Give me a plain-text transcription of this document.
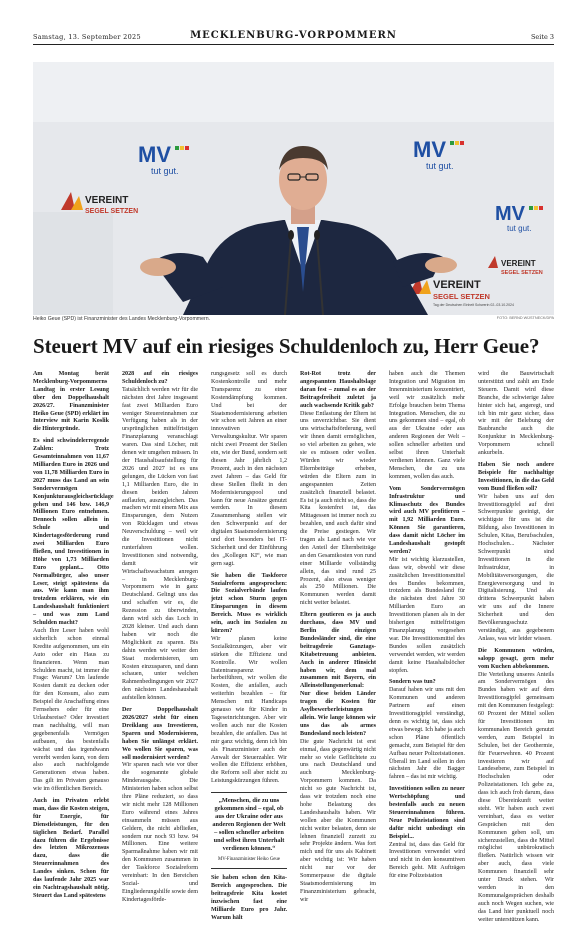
Samstag, 13. September 2025	MECKLENBURG-VORPOMMERN	Seite 3
MV
tut gut.
MV
tut gut.
MV
tut gut.
VEREINT
SEGEL SETZEN
VEREINT
SEGEL SETZEN
Tag der Deutschen Einheit Schwerin 02.-03.10.2024
VEREINT
SEGEL SETZEN
Heiko Geue (SPD) ist Finanzminister des Landes Mecklenburg-Vorpommern.	FOTO: BERND WÜSTNECK/DPA
Steuert MV auf ein riesiges Schuldenloch zu, Herr Geue?

Am Montag berät Mecklenburg-Vorpommerns Landtag in erster Lesung über den Doppelhaushalt 2026/27. Finanzminister Heiko Geue (SPD) erklärt im Interview mit Karin Koslik die Hintergründe.

Es sind schwindelerregende Zahlen: Trotz Gesamteinnahmen von 11,67 Milliarden Euro in 2026 und von 11,78 Milliarden Euro in 2027 muss das Land an sein Sondervermögen Konjunkturausgleichsrücklage gehen und 146 bzw. 146,9 Millionen Euro entnehmen. Dennoch sollen allein in Schule und Kindertagesförderung rund zwei Milliarden Euro fließen, und Investitionen in Höhe von 1,73 Milliarden Euro geplant... Otto Normalbürger, also unser Leser, steigt spätestens da aus. Wie kann man ihm trotzdem erklären, wie ein Landeshaushalt funktioniert – und was zum Land Schulden macht?

Auch Ihre Leser haben wohl sicherlich schon einmal Kredite aufgenommen, um ein Auto oder ein Haus zu finanzieren. Wenn man Schulden macht, ist immer die Frage: Warum? Um laufende Kosten damit zu decken oder für den Konsum, also zum Beispiel die Anschaffung eines Fernsehers oder für eine Urlaubsreise? Oder investiert man nachhaltig, will man gegebenenfalls Vermögen aufbauen, das bestenfalls wächst und das irgendwann vererbt werden kann, von dem also auch nachfolgende Generationen etwas haben. Das gilt im Privaten genauso wie im öffentlichen Bereich.

Auch im Privaten erlebt man, dass die Kosten steigen, für Energie, für Dienstleistungen, für den täglichen Bedarf. Parallel dazu führen die Ergebnisse des letzten Mikrozensus dazu, dass die Steuereinnahmen des Landes sinken. Schon für das laufende Jahr 2025 war ein Nachtragshaushalt nötig. Steuert das Land spätestens

2028 auf ein riesiges Schuldenloch zu?

Tatsächlich werden wir für die nächsten drei Jahre insgesamt fast zwei Milliarden Euro weniger Steuereinnahmen zur Verfügung haben als in der ursprünglichen mittelfristigen Finanzplanung veranschlagt waren. Das sind Löcher, mit denen wir umgehen müssen. In der Haushaltsaufstellung für 2026 und 2027 ist es uns gelungen, die Lücken von fast 1,1 Milliarden Euro, die in diesen beiden Jahren auflaufen, auszugleichen. Das machen wir mit einem Mix aus Einsparungen, dem Nutzen von Rücklagen und etwas Neuverschuldung – weil wir die Investitionen nicht runterfahren wollen. Investitionen sind notwendig, damit wir Wirtschaftswachstum anregen – in Mecklenburg-Vorpommern wie in ganz Deutschland. Gelingt uns das und schaffen wir es, die Rezession zu überwinden, dann wird sich das Loch in 2028 kleiner. Und auch dann haben wir noch die Möglichkeit zu sparen. Bis dahin werden wir weiter den Staat modernisieren, um Kosten einzusparen, und dann schauen, unter welchen Rahmenbedingungen wir 2027 den nächsten Landeshaushalt aufstellen können.

Der Doppelhaushalt 2026/2027 steht für einen Dreiklang aus Investieren, Sparen und Modernisieren, haben Sie unlängst erklärt. Wo wollen Sie sparen, was soll modernisiert werden?

Wir sparen nach wie vor über die sogenannte globale Minderausgabe. Die Ministerien haben schon selbst ihre Pläne reduziert, so dass wir nicht mehr 128 Millionen Euro während eines Jahres einsammeln müssen aus Geldern, die nicht abfließen, sondern nur noch 93 bzw. 94 Millionen. Eine weitere Sparmaßnahme haben wir mit den Kommunen zusammen in der Taskforce Sozialreform vereinbart: In den Bereichen Sozial- und Eingliederungshilfe sowie dem Kindertagesförde-

rungsgesetz soll es durch Kostenkontrolle und mehr Transparenz zu einer Kostendämpfung kommen. Und bei der Staatsmodernisierung arbeiten wir schon seit Jahren an einer innovativen Verwaltungskultur. Wir sparen nicht zwei Prozent der Stellen ein, wie der Bund, sondern seit diesen Jahr jährlich 1,2 Prozent, auch in den nächsten zwei Jahren – das Geld für diese Stellen fließt in den Modernisierungspool und kann für neue Ansätze genutzt werden. In diesem Zusammenhang stellen wir den Schwerpunkt auf der digitalen Staatsmodernisierung und dort besonders bei IT-Sicherheit und der Einführung des „Kollegen KI“, wie man gern sagt.

Sie haben die Taskforce Sozialreform angesprochen: Die Sozialverbände laufen jetzt schon Sturm gegen Einsparungen in diesem Bereich. Muss es wirklich sein, auch im Sozialen zu kürzen?

Wir planen keine Sozialkürzungen, aber wir stärken die Effizienz und Kontrolle. Wir wollen Datentransparenz herbeiführen, wir wollen die Kosten, die anfallen, auch weiterhin bezahlen – für Menschen mit Handicaps genauso wie für Kinder in Tageseinrichtungen. Aber wir wollen auch nur die Kosten bezahlen, die anfallen. Das ist mir ganz wichtig, denn ich bin als Finanzminister auch der Anwalt der Steuerzahler. Wir wollen die Effizienz erhöhen, die Reform soll aber nicht zu Leistungskürzungen führen.

„Menschen, die zu uns gekommen sind – egal, ob aus der Ukraine oder aus anderen Regionen der Welt – sollen schneller arbeiten und selbst ihren Unterhalt verdienen können.“
MV-Finanzminister Heiko Geue

Sie haben schon den Kita-Bereich angesprochen. Die beitragsfreie Kita kostet inzwischen fast eine Milliarde Euro pro Jahr. Warum hält

Rot-Rot trotz der angespannten Haushaltslage daran fest – zumal es an der Beitragsfreiheit zuletzt ja auch wachsende Kritik gab?

Diese Entlastung der Eltern ist uns unverzichtbar. Sie dient uns wirtschaftsförderung, weil wir ihnen damit ermöglichen, so viel arbeiten zu gehen, wie sie es müssen oder wollen. Würden wir wieder Elternbeiträge erheben, würden die Eltern zum in angespannten Zeiten zusätzlich finanziell belastet. Es ist ja auch nicht so, dass die Kita kostenfrei ist, das Mittagessen ist immer noch zu bezahlen, und auch dafür sind die Preise gestiegen. Wir tragen als Land nach wie vor den Anteil der Elternbeiträge an den Gesamtkosten von rund einer Milliarde vollständig allein, das sind rund 25 Prozent, also etwas weniger als 250 Millionen. Die Kommunen werden damit nicht weiter belastet.

Eltern goutieren es ja auch durchaus, dass MV und Berlin die einzigen Bundesländer sind, die eine beitragsfreie Ganztags-Kitabetreuung anbieten. Auch in anderer Hinsicht haben wir, dem mal zusammen mit Bayern, ein Alleinstellungsmerkmal: Nur diese beiden Länder tragen die Kosten für Asylbewerberleistungen allein. Wie lange können wir uns das als armes Bundesland noch leisten?

Die gute Nachricht ist erst einmal, dass gegenwärtig nicht mehr so viele Geflüchtete zu uns nach Deutschland und auch Mecklenburg-Vorpommern kommen. Da nicht so gute Nachricht ist, dass wir trotzdem noch eine hohe Belastung des Landeshaushalts haben. Wir wollen aber die Kommunen nicht weiter belasten, denn sie lehnen finanziell zurzeit zu sehr Projekte ändern. Was fort mich und für uns als Kabinett aber wichtig ist: Wir haben nicht nur vor der Sommerpause die digitale Staatsmodernisierung im Finanzministerium gebracht, wir

haben auch die Themen Integration und Migration im Innenministerium konzentriert, weil wir zusätzlich mehr Erfolge brauchen beim Thema Integration. Menschen, die zu uns gekommen sind – egal, ob aus der Ukraine oder aus anderen Regionen der Welt – sollen schneller arbeiten und selbst ihren Unterhalt verdienen können. Ganz viele Menschen, die zu uns kommen, wollen das auch.

Vom Sondervermögen Infrastruktur und Klimaschutz des Bundes wird auch MV profitieren – mit 1,92 Milliarden Euro. Können Sie garantieren, dass damit nicht Löcher im Landeshaushalt gestopft werden?

Mir ist wichtig klarzustellen, dass wir, obwohl wir diese zusätzlichen Investitionsmittel des Bundes bekommen, trotzdem als Bundesland für die nächsten drei Jahre 30 Milliarden Euro an Investitionen planen als in der bisherigen mittelfristigen Finanzplanung vorgesehen war. Die Investitionsmittel des Bundes sollen zusätzlich verwendet werden, wir werden damit keine Haushaltslöcher stopfen.

Sondern was tun?

Darauf haben wir uns mit den Kommunen und anderen Partnern auf einen Investitionsgipfel verständigt, denn es wichtig ist, dass sich etwas bewegt. Ich habe ja auch schon Pläne öffentlich gemacht, zum Beispiel für den Aufbau neuer Polizeistationen. Überall im Land sollen in den nächsten Jahr die Bagger fahren – das ist mir wichtig.

Investitionen sollen zu neuer Wertschöpfung und bestenfalls auch zu neuen Steuereinnahmen führen. Neue Polizeistationen sind dafür nicht unbedingt ein Beispiel...

Zentral ist, dass das Geld für Investitionen verwendet wird und nicht in den konsumtiven Bereich geht. Mit Aufträgen für eine Polizeistation

wird die Bauwirtschaft unterstützt und zahlt am Ende Steuern. Damit wird diese Branche, die schwierige Jahre hinter sich hat, angeregt, und ich bin mir ganz sicher, dass wir mit der Belebung der Baubranche auch die Konjunktur in Mecklenburg-Vorpommern schnell ankurbeln.

Haben Sie noch andere Beispiele für nachhaltige Investitionen, in die das Geld vom Bund fließen soll?

Wir haben uns auf den Investitionsgipfel auf drei Schwerpunkte geeinigt, der wichtigste für uns ist die Bildung, also Investitionen in Schulen, Kitas, Berufsschulen, Hochschulen... Nächster Schwerpunkt sind Investitionen in die Infrastruktur, in Mobilitätsversorgungen, die Energieversorgung und in Digitalisierung. Und als drittens Schwerpunkt haben wir uns auf die Innere Sicherheit und den Bevölkerungsschutz verständigt, aus gegebenem Anlass, was wir leider wissen.

Die Kommunen würden, salopp gesagt, gern mehr vom Kuchen abbekommen.

Die Verteilung unseres Anteils am Sondervermögen des Bundes haben wir auf dem Investitionsgipfel gemeinsam mit den Kommunen festgelegt: 60 Prozent der Mittel sollen für Investitionen im kommunalen Bereich genutzt werden, zum Beispiel in Schulen, bei der Geothermie, für Feuerwehren. 40 Prozent investieren wir auf Landesebene, zum Beispiel in Hochschulen oder Polizeistationen. Ich gebe zu, dass ich auch froh darum, dass diese Übereinkunft weiter steht. Wir haben auch zwei vereinbart, dass es weiter Gesprächen mit den Kommunen geben soll, um sicherzustellen, dass die Mittel möglichst unbürokratisch fließen. Natürlich wissen wir aber auch, dass viele Kommunen finanziell sehr unter Druck stehen. Wir werden in den Kommunalgesprächen deshalb auch noch Wegen suchen, wie das Land hier punktuell noch weiter unterstützen kann.
